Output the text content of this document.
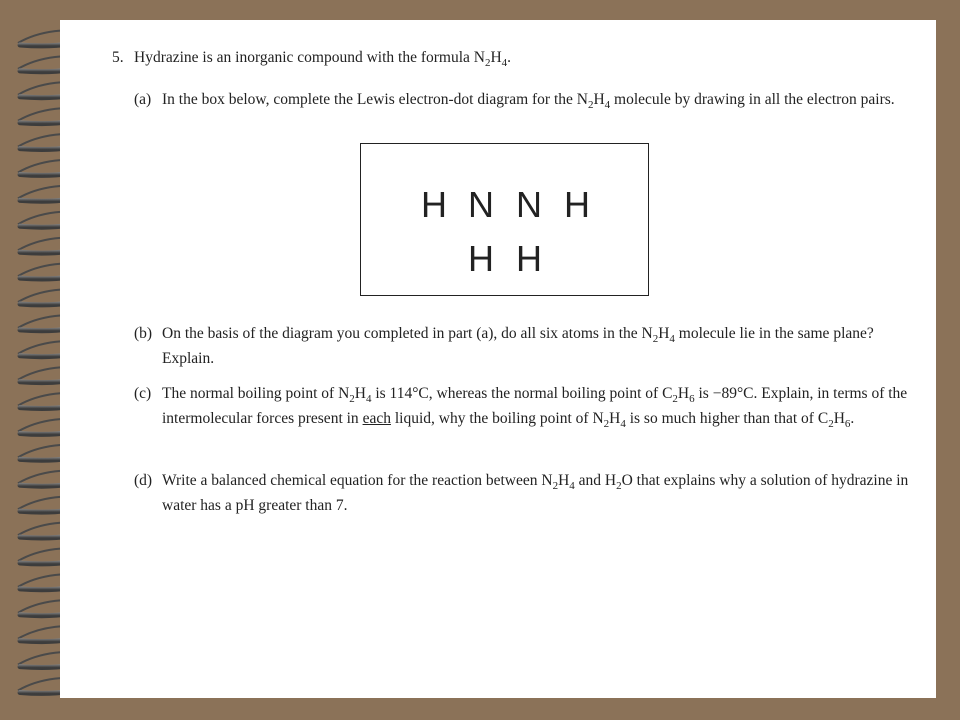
5. Hydrazine is an inorganic compound with the formula $N_2H_4$.
(a) In the box below, complete the Lewis electron-dot diagram for the $N_2H_4$ molecule by drawing in all the electron pairs.
H N N H
H H
(b) On the basis of the diagram you completed in part (a), do all six atoms in the $N_2H_4$ molecule lie in the same plane? Explain.
(c) The normal boiling point of $N_2H_4$ is 114°C, whereas the normal boiling point of $C_2H_6$ is −89°C. Explain, in terms of the intermolecular forces present in each liquid, why the boiling point of $N_2H_4$ is so much higher than that of $C_2H_6$.
(d) Write a balanced chemical equation for the reaction between $N_2H_4$ and $H_2O$ that explains why a solution of hydrazine in water has a pH greater than 7.
